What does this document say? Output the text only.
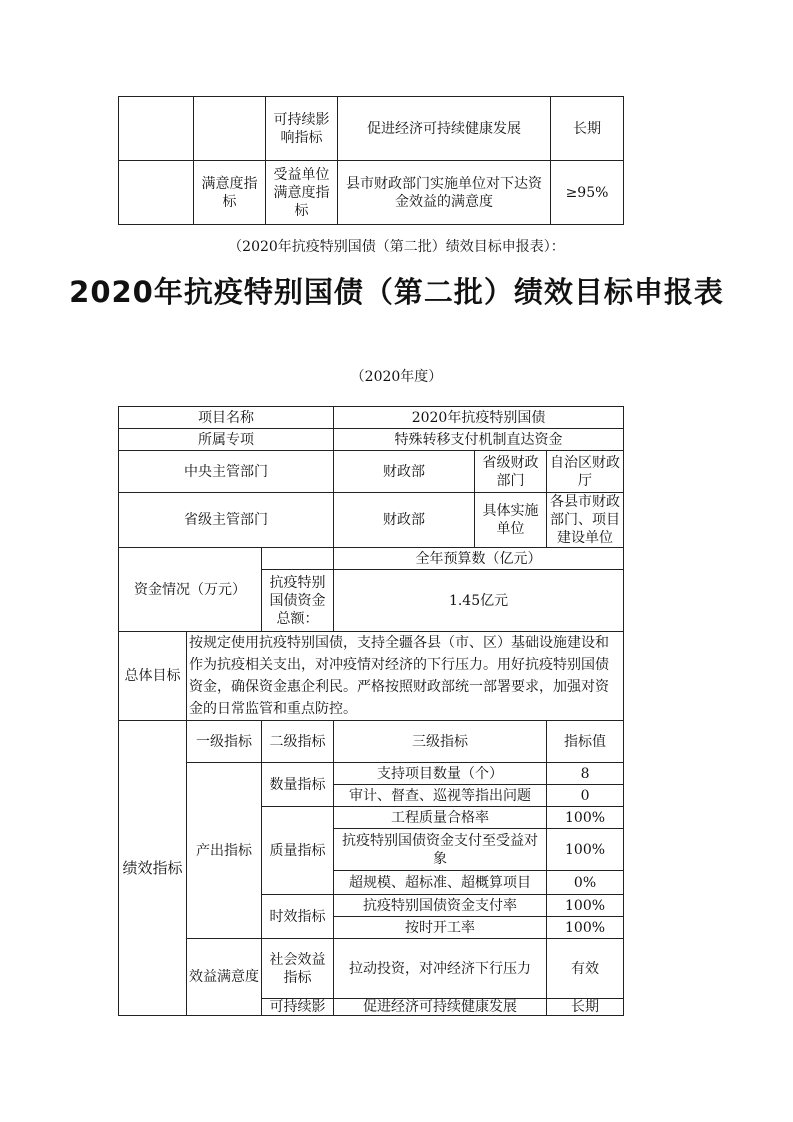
		可持续影响指标	促进经济可持续健康发展	长期
	满意度指标	受益单位满意度指标	县市财政部门实施单位对下达资金效益的满意度	≥95%
（2020年抗疫特别国债（第二批）绩效目标申报表）：
2020年抗疫特别国债（第二批）绩效目标申报表
（2020年度）
项目名称			2020年抗疫特别国债		
所属专项			特殊转移支付机制直达资金		
中央主管部门			财政部	省级财政部门	自治区财政厅
省级主管部门			财政部	具体实施单位	各县市财政部门、项目建设单位
资金情况（万元）			全年预算数（亿元）		
		抗疫特别国债资金总额：	1.45亿元		
总体目标	按规定使用抗疫特别国债，支持全疆各县（市、区）基础设施建设和作为抗疫相关支出，对冲疫情对经济的下行压力。用好抗疫特别国债资金，确保资金惠企利民。严格按照财政部统一部署要求，加强对资金的日常监管和重点防控。				
绩效指标	一级指标	二级指标	三级指标		指标值
	产出指标	数量指标	支持项目数量（个）		8
			审计、督查、巡视等指出问题		0
		质量指标	工程质量合格率		100%
			抗疫特别国债资金支付至受益对象		100%
			超规模、超标准、超概算项目		0%
		时效指标	抗疫特别国债资金支付率		100%
			按时开工率		100%
	效益满意度	社会效益指标	拉动投资，对冲经济下行压力		有效
		可持续影	促进经济可持续健康发展		长期
